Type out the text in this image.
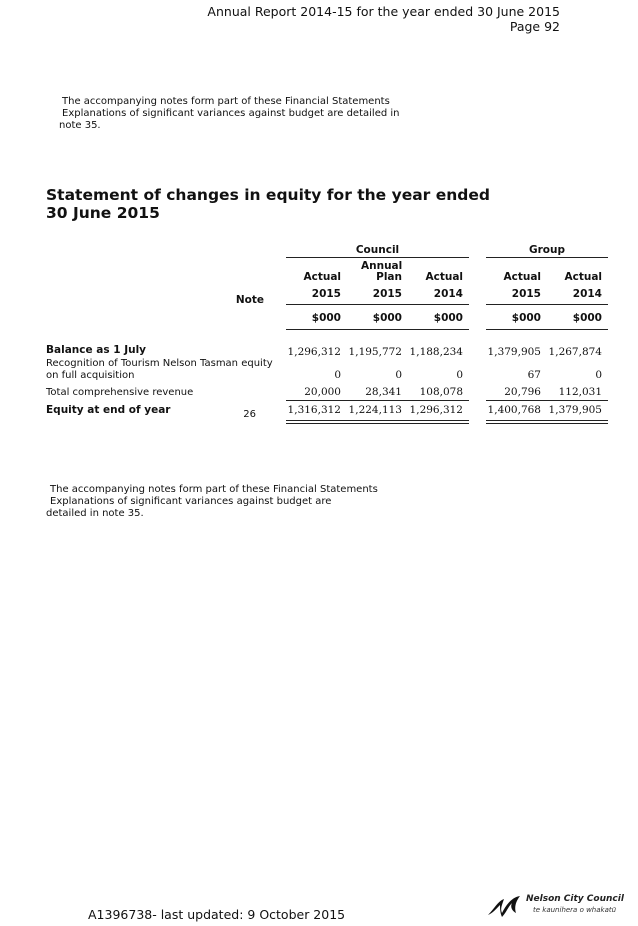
Annual Report 2014-15 for the year ended 30 June 2015
Page 92
The accompanying notes form part of these Financial Statements
Explanations of significant variances against budget are detailed in
note 35.
Statement of changes in equity for the year ended
30 June 2015
Council	Group
Note
Annual
Actual	Plan	Actual	Actual	Actual
2015	2015	2014	2015	2014
$000	$000	$000	$000	$000
Balance as 1 July	1,296,312 1,195,772 1,188,234	1,379,905 1,267,874
Recognition of Tourism Nelson Tasman equity
on full acquisition	0	0	0	67	0
Total comprehensive revenue	20,000	28,341	108,078	20,796	112,031
Equity at end of year	26	1,316,312 1,224,113 1,296,312	1,400,768 1,379,905
The accompanying notes form part of these Financial Statements
Explanations of significant variances against budget are
detailed in note 35.
A1396738- last updated: 9 October 2015
Nelson City Council
te kaunihera o whakatū
